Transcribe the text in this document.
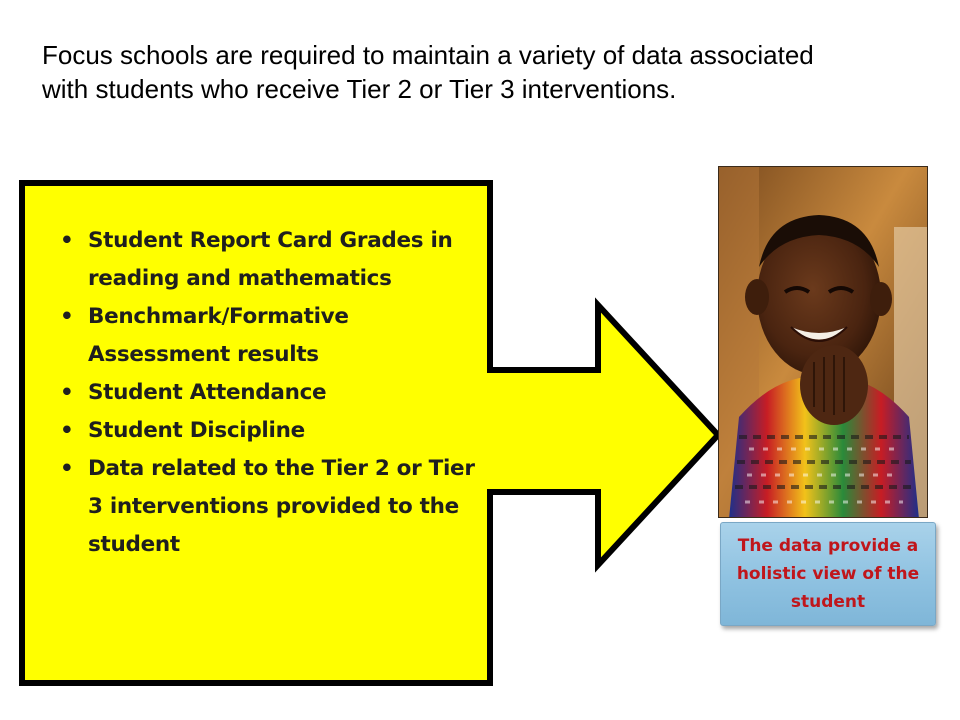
Focus schools are required to maintain a variety of data associated with students who receive Tier 2 or Tier 3 interventions.

• Student Report Card Grades in reading and mathematics
• Benchmark/Formative Assessment results
• Student Attendance
• Student Discipline
• Data related to the Tier 2 or Tier 3 interventions provided to the student	The data provide a holistic view of the student
